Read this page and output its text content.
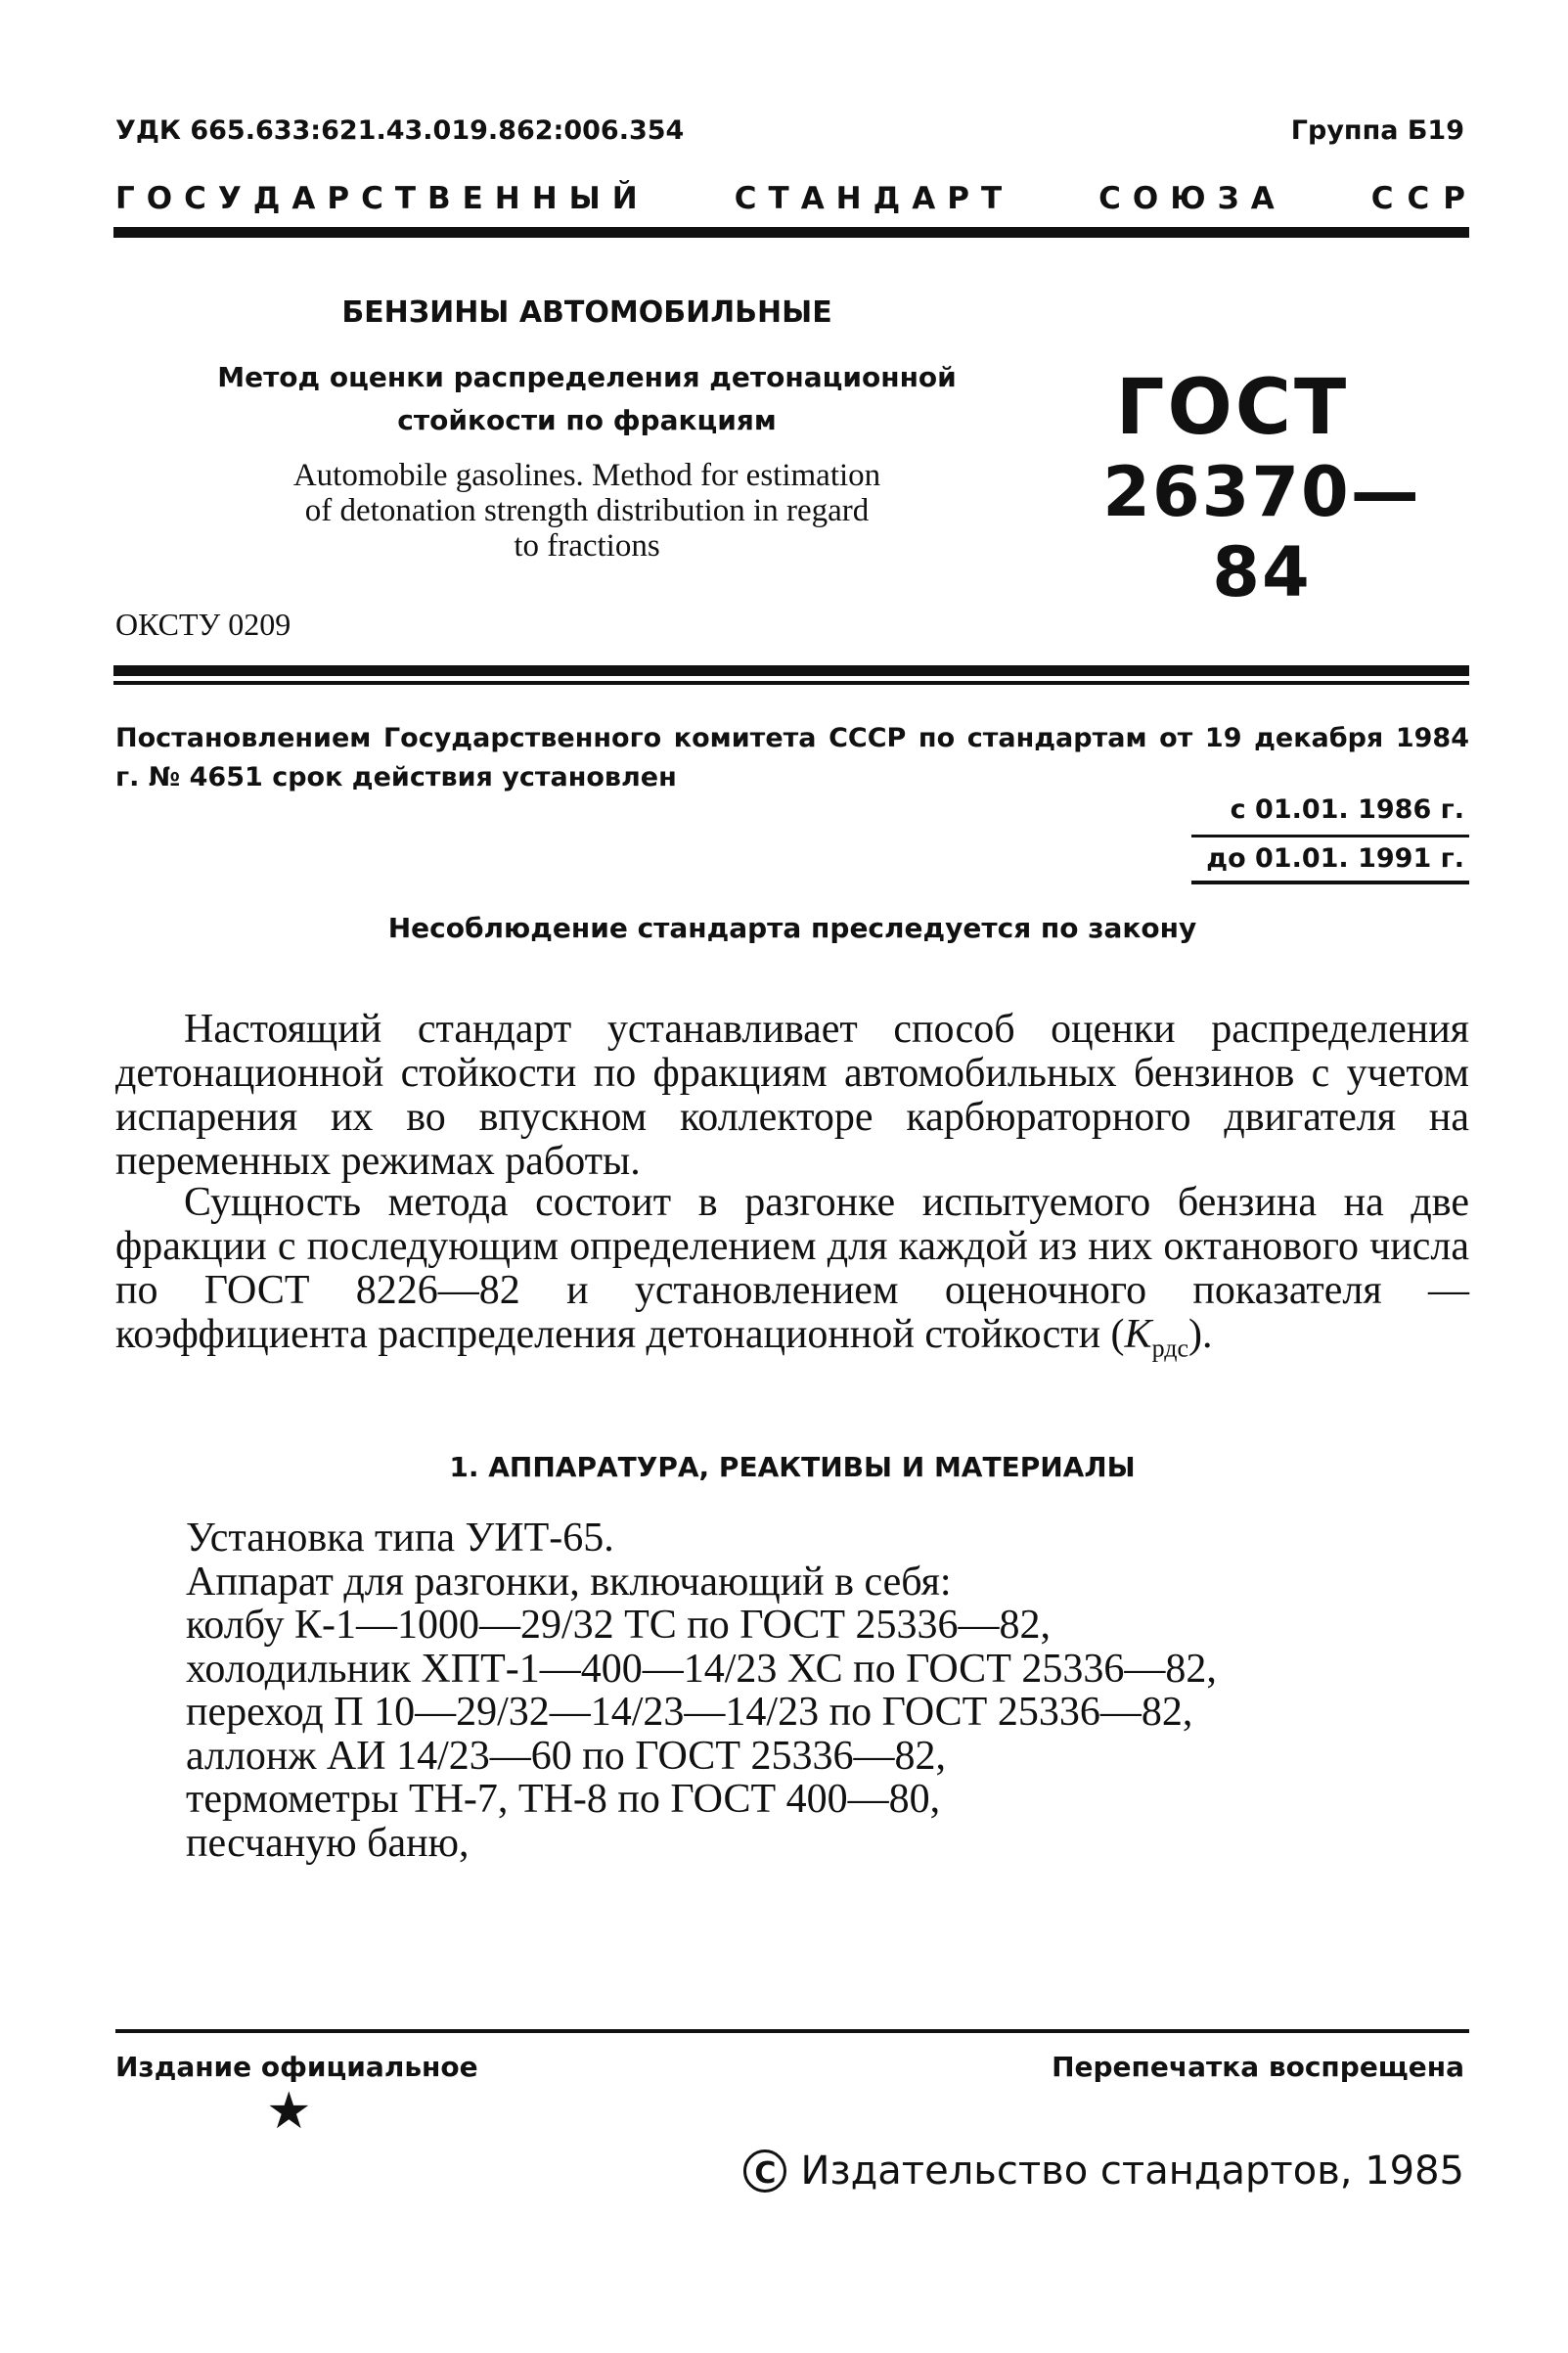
УДК 665.633:621.43.019.862:006.354	Группа Б19
ГОСУДАРСТВЕННЫЙ	СТАНДАРТ	СОЮЗА	ССР
БЕНЗИНЫ АВТОМОБИЛЬНЫЕ
Метод оценки распределения детонационной
стойкости по фракциям
Automobile gasolines. Method for estimation
of detonation strength distribution in regard
to fractions
ГОСТ
26370—84
ОКСТУ 0209
Постановлением Государственного комитета СССР по стандартам от 19 декабря 1984 г. № 4651 срок действия установлен
с 01.01. 1986 г.
до 01.01. 1991 г.
Несоблюдение стандарта преследуется по закону

Настоящий стандарт устанавливает способ оценки распределения детонационной стойкости по фракциям автомобильных бензинов с учетом испарения их во впускном коллекторе карбюраторного двигателя на переменных режимах работы.

Сущность метода состоит в разгонке испытуемого бензина на две фракции с последующим определением для каждой из них октанового числа по ГОСТ 8226—82 и установлением оценочного показателя — коэффициента распределения детонационной стойкости $(K_{рдс})$.

1. АППАРАТУРА, РЕАКТИВЫ И МАТЕРИАЛЫ
Установка типа УИТ-65.
Аппарат для разгонки, включающий в себя:
колбу К-1—1000—29/32 ТС по ГОСТ 25336—82,
холодильник ХПТ-1—400—14/23 ХС по ГОСТ 25336—82,
переход П 10—29/32—14/23—14/23 по ГОСТ 25336—82,
аллонж АИ 14/23—60 по ГОСТ 25336—82,
термометры ТН-7, ТН-8 по ГОСТ 400—80,
песчаную баню,
Издание официальное	Перепечатка воспрещена
★
C Издательство стандартов, 1985
